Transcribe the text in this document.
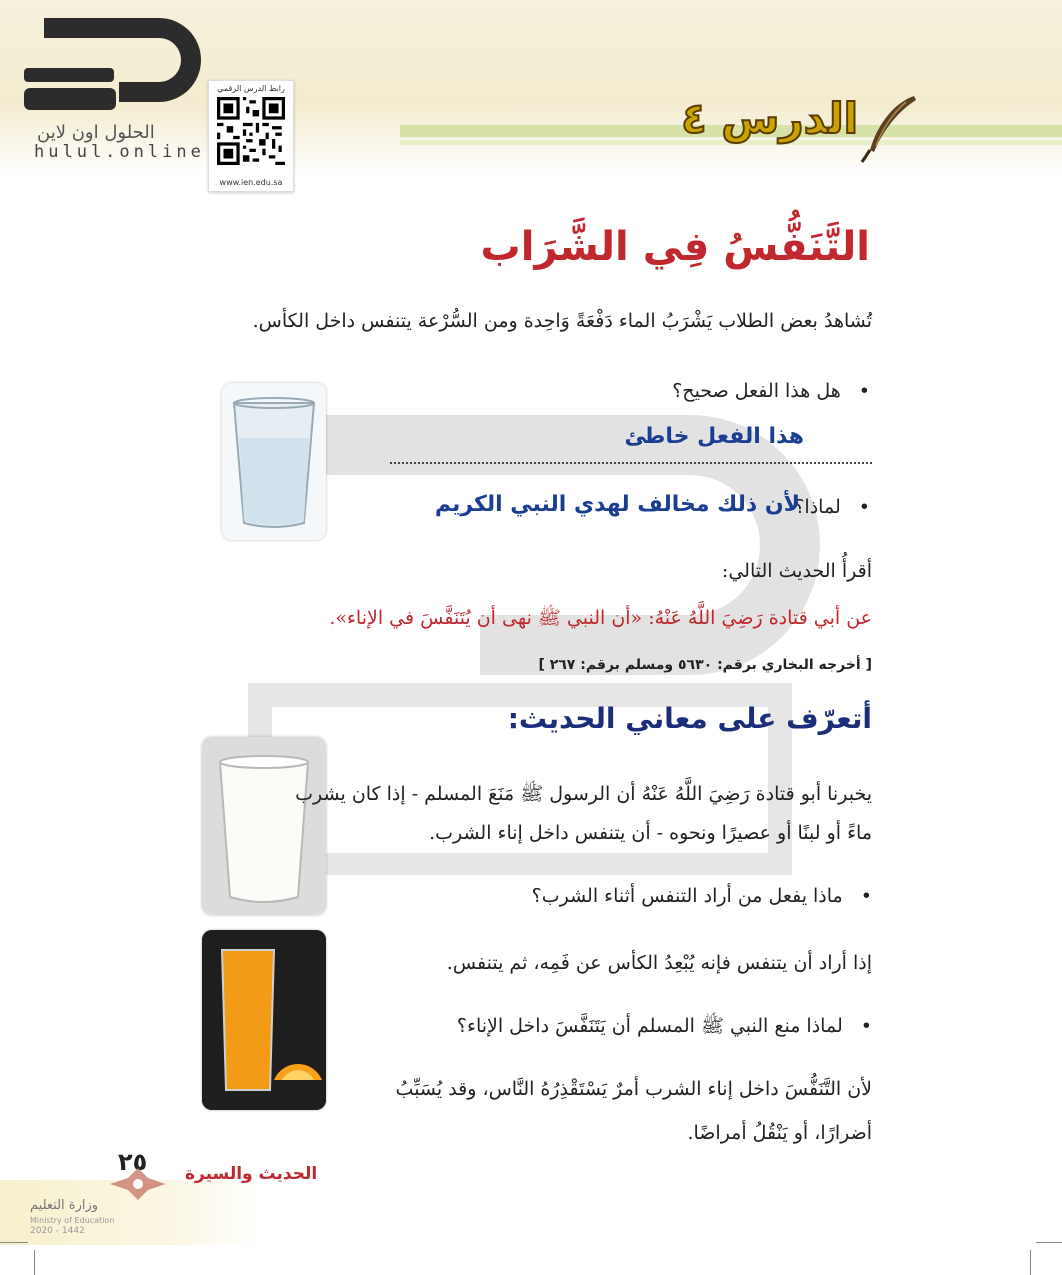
الحلول اون لاين
hulul.online
رابط الدرس الرقمي
www.ien.edu.sa
الدرس ٤
التَّنَفُّسُ فِي الشَّرَاب
تُشاهدُ بعض الطلاب يَشْرَبُ الماء دَفْعَةً وَاحِدة ومن السُّرْعة يتنفس داخل الكأس.
• هل هذا الفعل صحيح؟
هذا الفعل خاطئ
• لماذا؟
لأن ذلك مخالف لهدي النبي الكريم
أقرأُ الحديث التالي:
عن أبي قتادة رَضِيَ اللَّهُ عَنْهُ: «أن النبي ﷺ نهى أن يُتَنَفَّسَ في الإناء».
[ أخرجه البخاري برقم: ٥٦٣٠ ومسلم برقم: ٢٦٧ ]
أتعرّف على معاني الحديث:
يخبرنا أبو قتادة رَضِيَ اللَّهُ عَنْهُ أن الرسول ﷺ مَنَعَ المسلم - إذا كان يشرب
ماءً أو لبنًا أو عصيرًا ونحوه - أن يتنفس داخل إناء الشرب.
• ماذا يفعل من أراد التنفس أثناء الشرب؟
إذا أراد أن يتنفس فإنه يُبْعِدُ الكأس عن فَمِه، ثم يتنفس.
• لماذا منع النبي ﷺ المسلم أن يَتَنَفَّسَ داخل الإناء؟
لأن التَّنَفُّسَ داخل إناء الشرب أمرٌ يَسْتَقْذِرُهُ النَّاس، وقد يُسَبِّبُ
أضرارًا، أو يَنْقُلُ أمراضًا.
٢٥ الحديث والسيرة
وزارة التعليم
Ministry of Education
2020 - 1442
